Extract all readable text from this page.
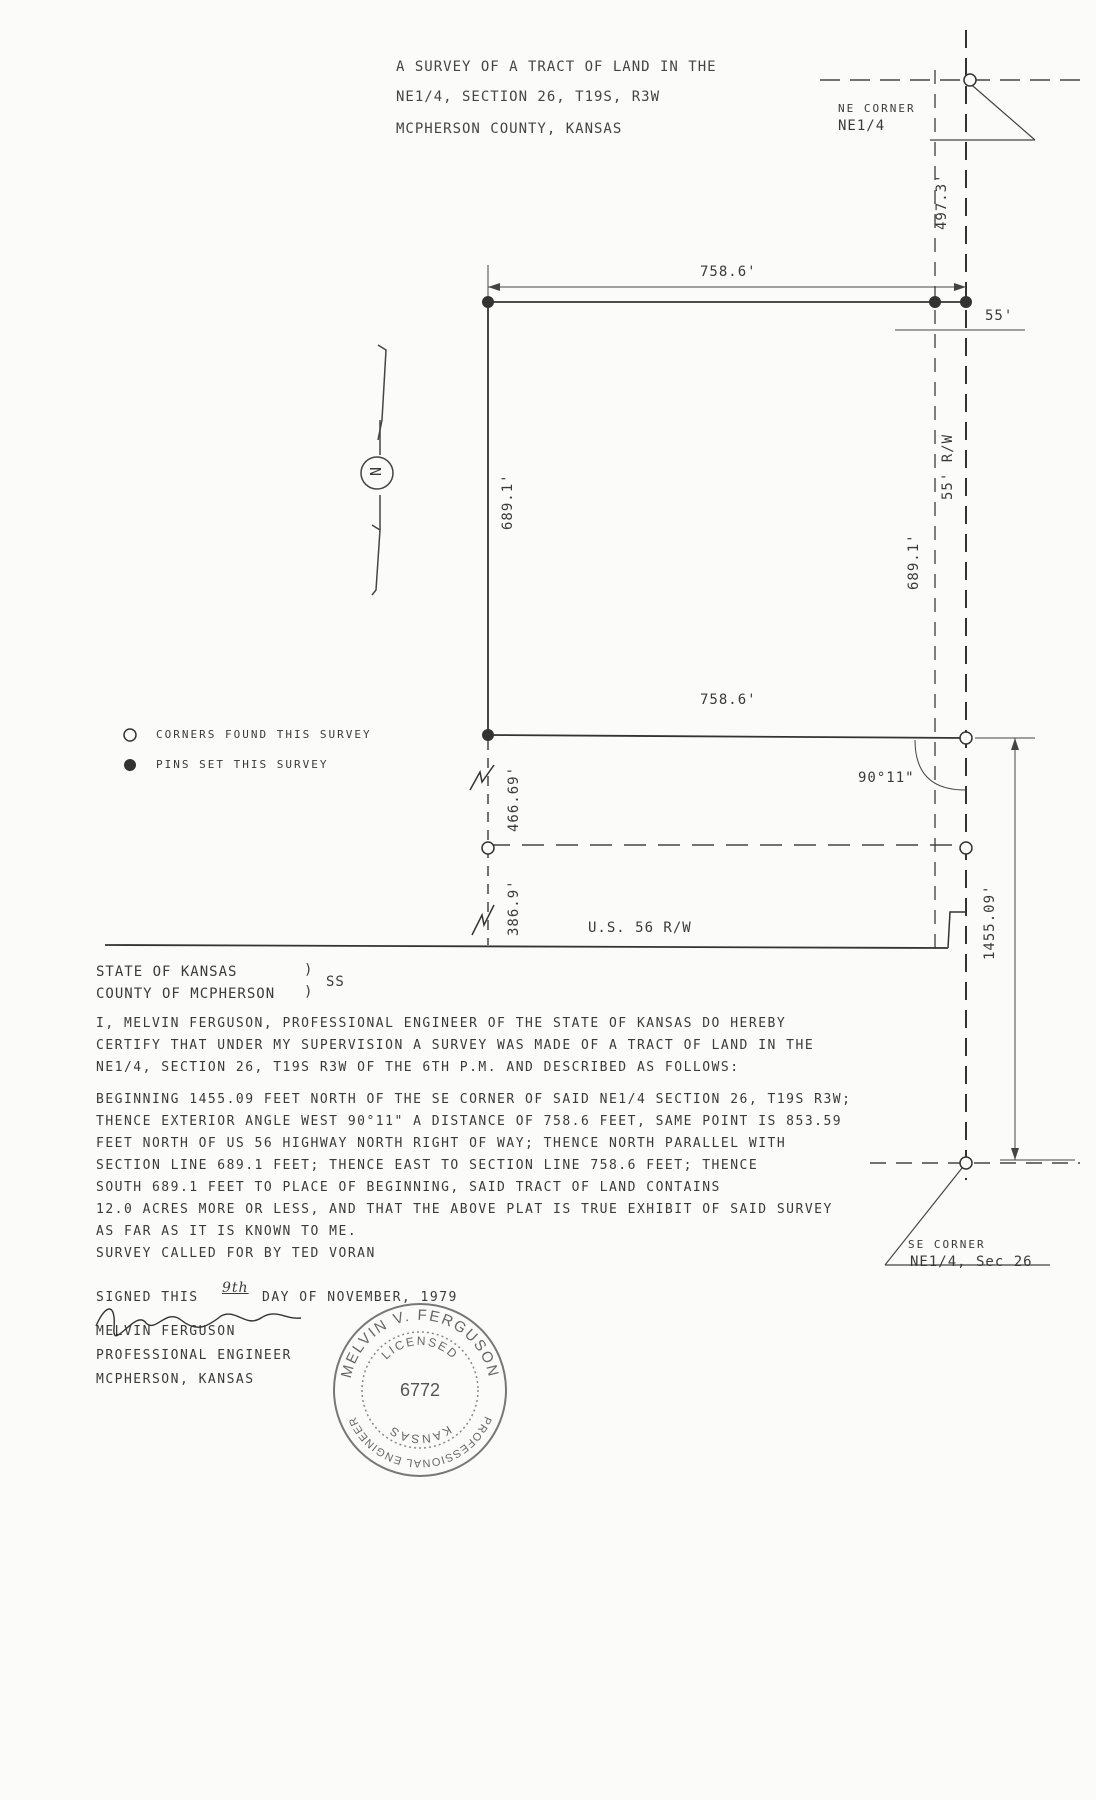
N
A SURVEY OF A TRACT OF LAND IN THE
NE1/4, SECTION 26, T19S, R3W
MCPHERSON COUNTY, KANSAS
NE CORNER
NE1/4
SE CORNER
NE1/4, Sec 26
758.6'
758.6'
689.1'
689.1'
497.3'
55'
55' R/W
466.69'
386.9'	1455.09'
90°11"
U.S. 56 R/W
CORNERS FOUND THIS SURVEY
PINS SET THIS SURVEY
STATE OF KANSAS	)
COUNTY OF MCPHERSON )
SS
I, MELVIN FERGUSON, PROFESSIONAL ENGINEER OF THE STATE OF KANSAS DO HEREBY
CERTIFY THAT UNDER MY SUPERVISION A SURVEY WAS MADE OF A TRACT OF LAND IN THE
NE1/4, SECTION 26, T19S R3W OF THE 6TH P.M. AND DESCRIBED AS FOLLOWS:
BEGINNING 1455.09 FEET NORTH OF THE SE CORNER OF SAID NE1/4 SECTION 26, T19S R3W;
THENCE EXTERIOR ANGLE WEST 90°11" A DISTANCE OF 758.6 FEET, SAME POINT IS 853.59
FEET NORTH OF US 56 HIGHWAY NORTH RIGHT OF WAY; THENCE NORTH PARALLEL WITH
SECTION LINE 689.1 FEET; THENCE EAST TO SECTION LINE 758.6 FEET; THENCE
SOUTH 689.1 FEET TO PLACE OF BEGINNING, SAID TRACT OF LAND CONTAINS
12.0 ACRES MORE OR LESS, AND THAT THE ABOVE PLAT IS TRUE EXHIBIT OF SAID SURVEY
AS FAR AS IT IS KNOWN TO ME.
SURVEY CALLED FOR BY TED VORAN
SIGNED THIS
9th
DAY OF NOVEMBER, 1979
MELVIN FERGUSON
PROFESSIONAL ENGINEER
MCPHERSON, KANSAS	MELVIN V. FERGUSON
PROFESSIONAL ENGINEER
LICENSED
KANSAS
6772
